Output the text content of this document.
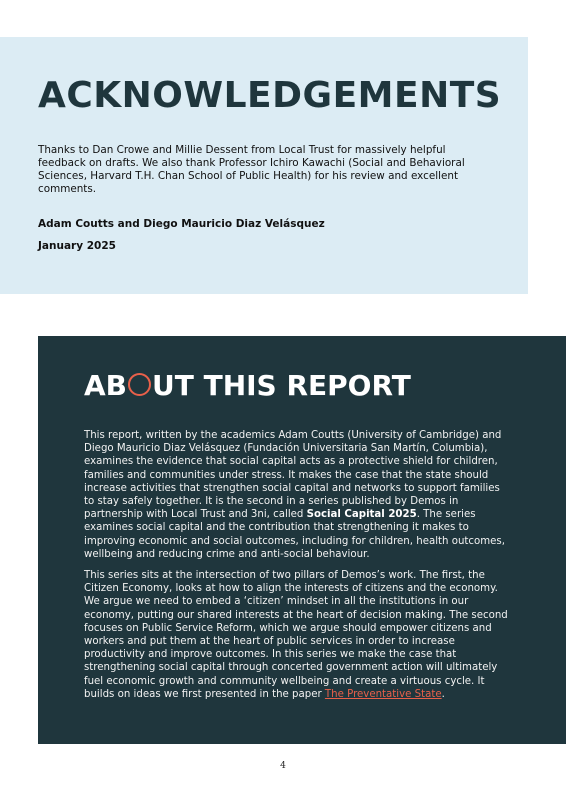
ACKNOWLEDGEMENTS

Thanks to Dan Crowe and Millie Dessent from Local Trust for massively helpful feedback on drafts. We also thank Professor Ichiro Kawachi (Social and Behavioral Sciences, Harvard T.H. Chan School of Public Health) for his review and excellent comments.

Adam Coutts and Diego Mauricio Diaz Velásquez

January 2025

AB UT THIS REPORT

This report, written by the academics Adam Coutts (University of Cambridge) and Diego Mauricio Diaz Velásquez (Fundación Universitaria San Martín, Columbia), examines the evidence that social capital acts as a protective shield for children, families and communities under stress. It makes the case that the state should increase activities that strengthen social capital and networks to support families to stay safely together. It is the second in a series published by Demos in partnership with Local Trust and 3ni, called Social Capital 2025. The series examines social capital and the contribution that strengthening it makes to improving economic and social outcomes, including for children, health outcomes, wellbeing and reducing crime and anti-social behaviour.

This series sits at the intersection of two pillars of Demos’s work. The first, the Citizen Economy, looks at how to align the interests of citizens and the economy. We argue we need to embed a ‘citizen’ mindset in all the institutions in our economy, putting our shared interests at the heart of decision making. The second focuses on Public Service Reform, which we argue should empower citizens and workers and put them at the heart of public services in order to increase productivity and improve outcomes. In this series we make the case that strengthening social capital through concerted government action will ultimately fuel economic growth and community wellbeing and create a virtuous cycle. It builds on ideas we first presented in the paper The Preventative State.

4
